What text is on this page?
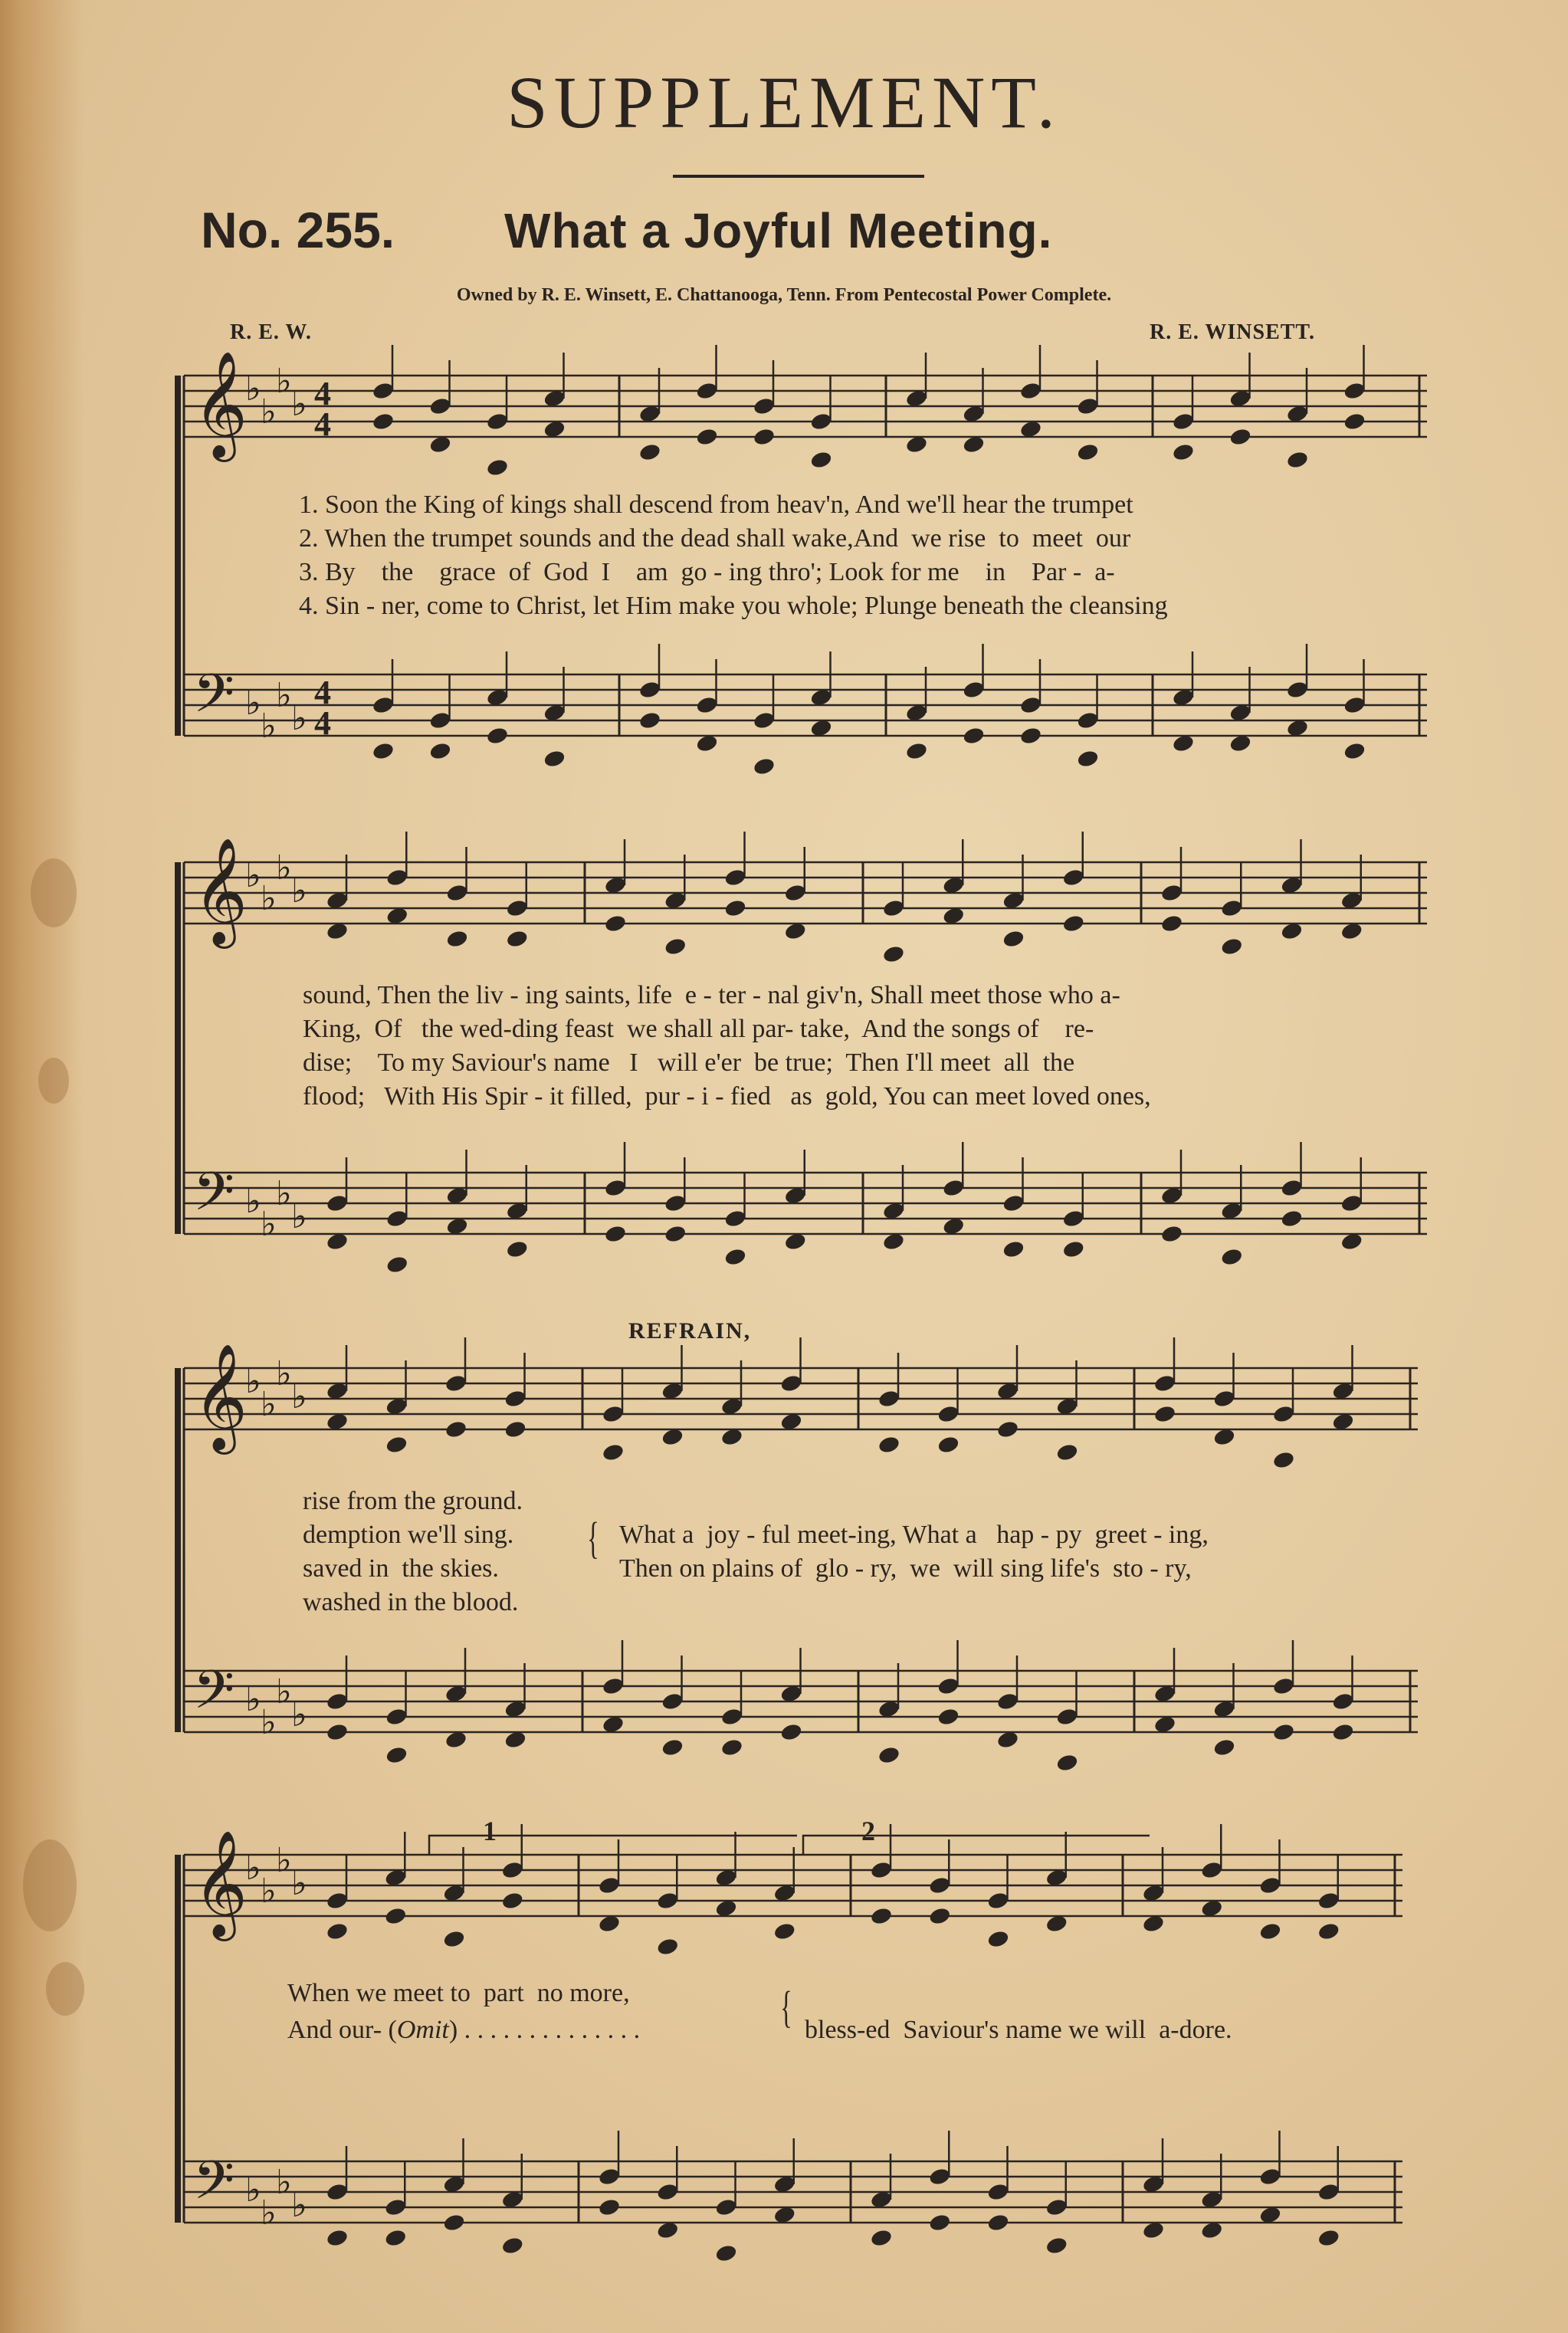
SUPPLEMENT.
No. 255. What a Joyful Meeting.
Owned by R. E. Winsett, E. Chattanooga, Tenn. From Pentecostal Power Complete.
R. E. W.	R. E. WINSETT.
𝄞
𝄢
♭
♭
♭
♭
♭
♭
♭
♭
4
4
4
4
𝄞
𝄢
♭
♭
♭
♭
♭
♭
♭
♭
𝄞
𝄢
♭
♭
♭
♭
♭
♭
♭
♭
𝄞
𝄢
♭
♭
♭
♭
♭
♭
♭
♭
1. Soon the King of kings shall descend from heav'n, And we'll hear the trumpet
2. When the trumpet sounds and the dead shall wake,And  we rise  to  meet  our
3. By    the    grace  of  God  I    am  go - ing thro'; Look for me    in    Par -  a-
4. Sin - ner, come to Christ, let Him make you whole; Plunge beneath the cleansing
sound, Then the liv - ing saints, life  e - ter - nal giv'n, Shall meet those who a-
King,  Of   the wed-ding feast  we shall all par- take,  And the songs of    re-
dise;    To my Saviour's name   I   will e'er  be true;  Then I'll meet  all  the
flood;   With His Spir - it filled,  pur - i - fied   as  gold, You can meet loved ones,
REFRAIN,
rise from the ground.
demption we'll sing.
saved in  the skies.
washed in the blood.
{ What a  joy - ful meet-ing, What a   hap - py  greet - ing,
Then on plains of  glo - ry,  we  will sing life's  sto - ry,
1	2
When we meet to  part  no more,
And our- (Omit) . . . . . . . . . . . . . .	{ bless-ed  Saviour's name we will  a-dore.
